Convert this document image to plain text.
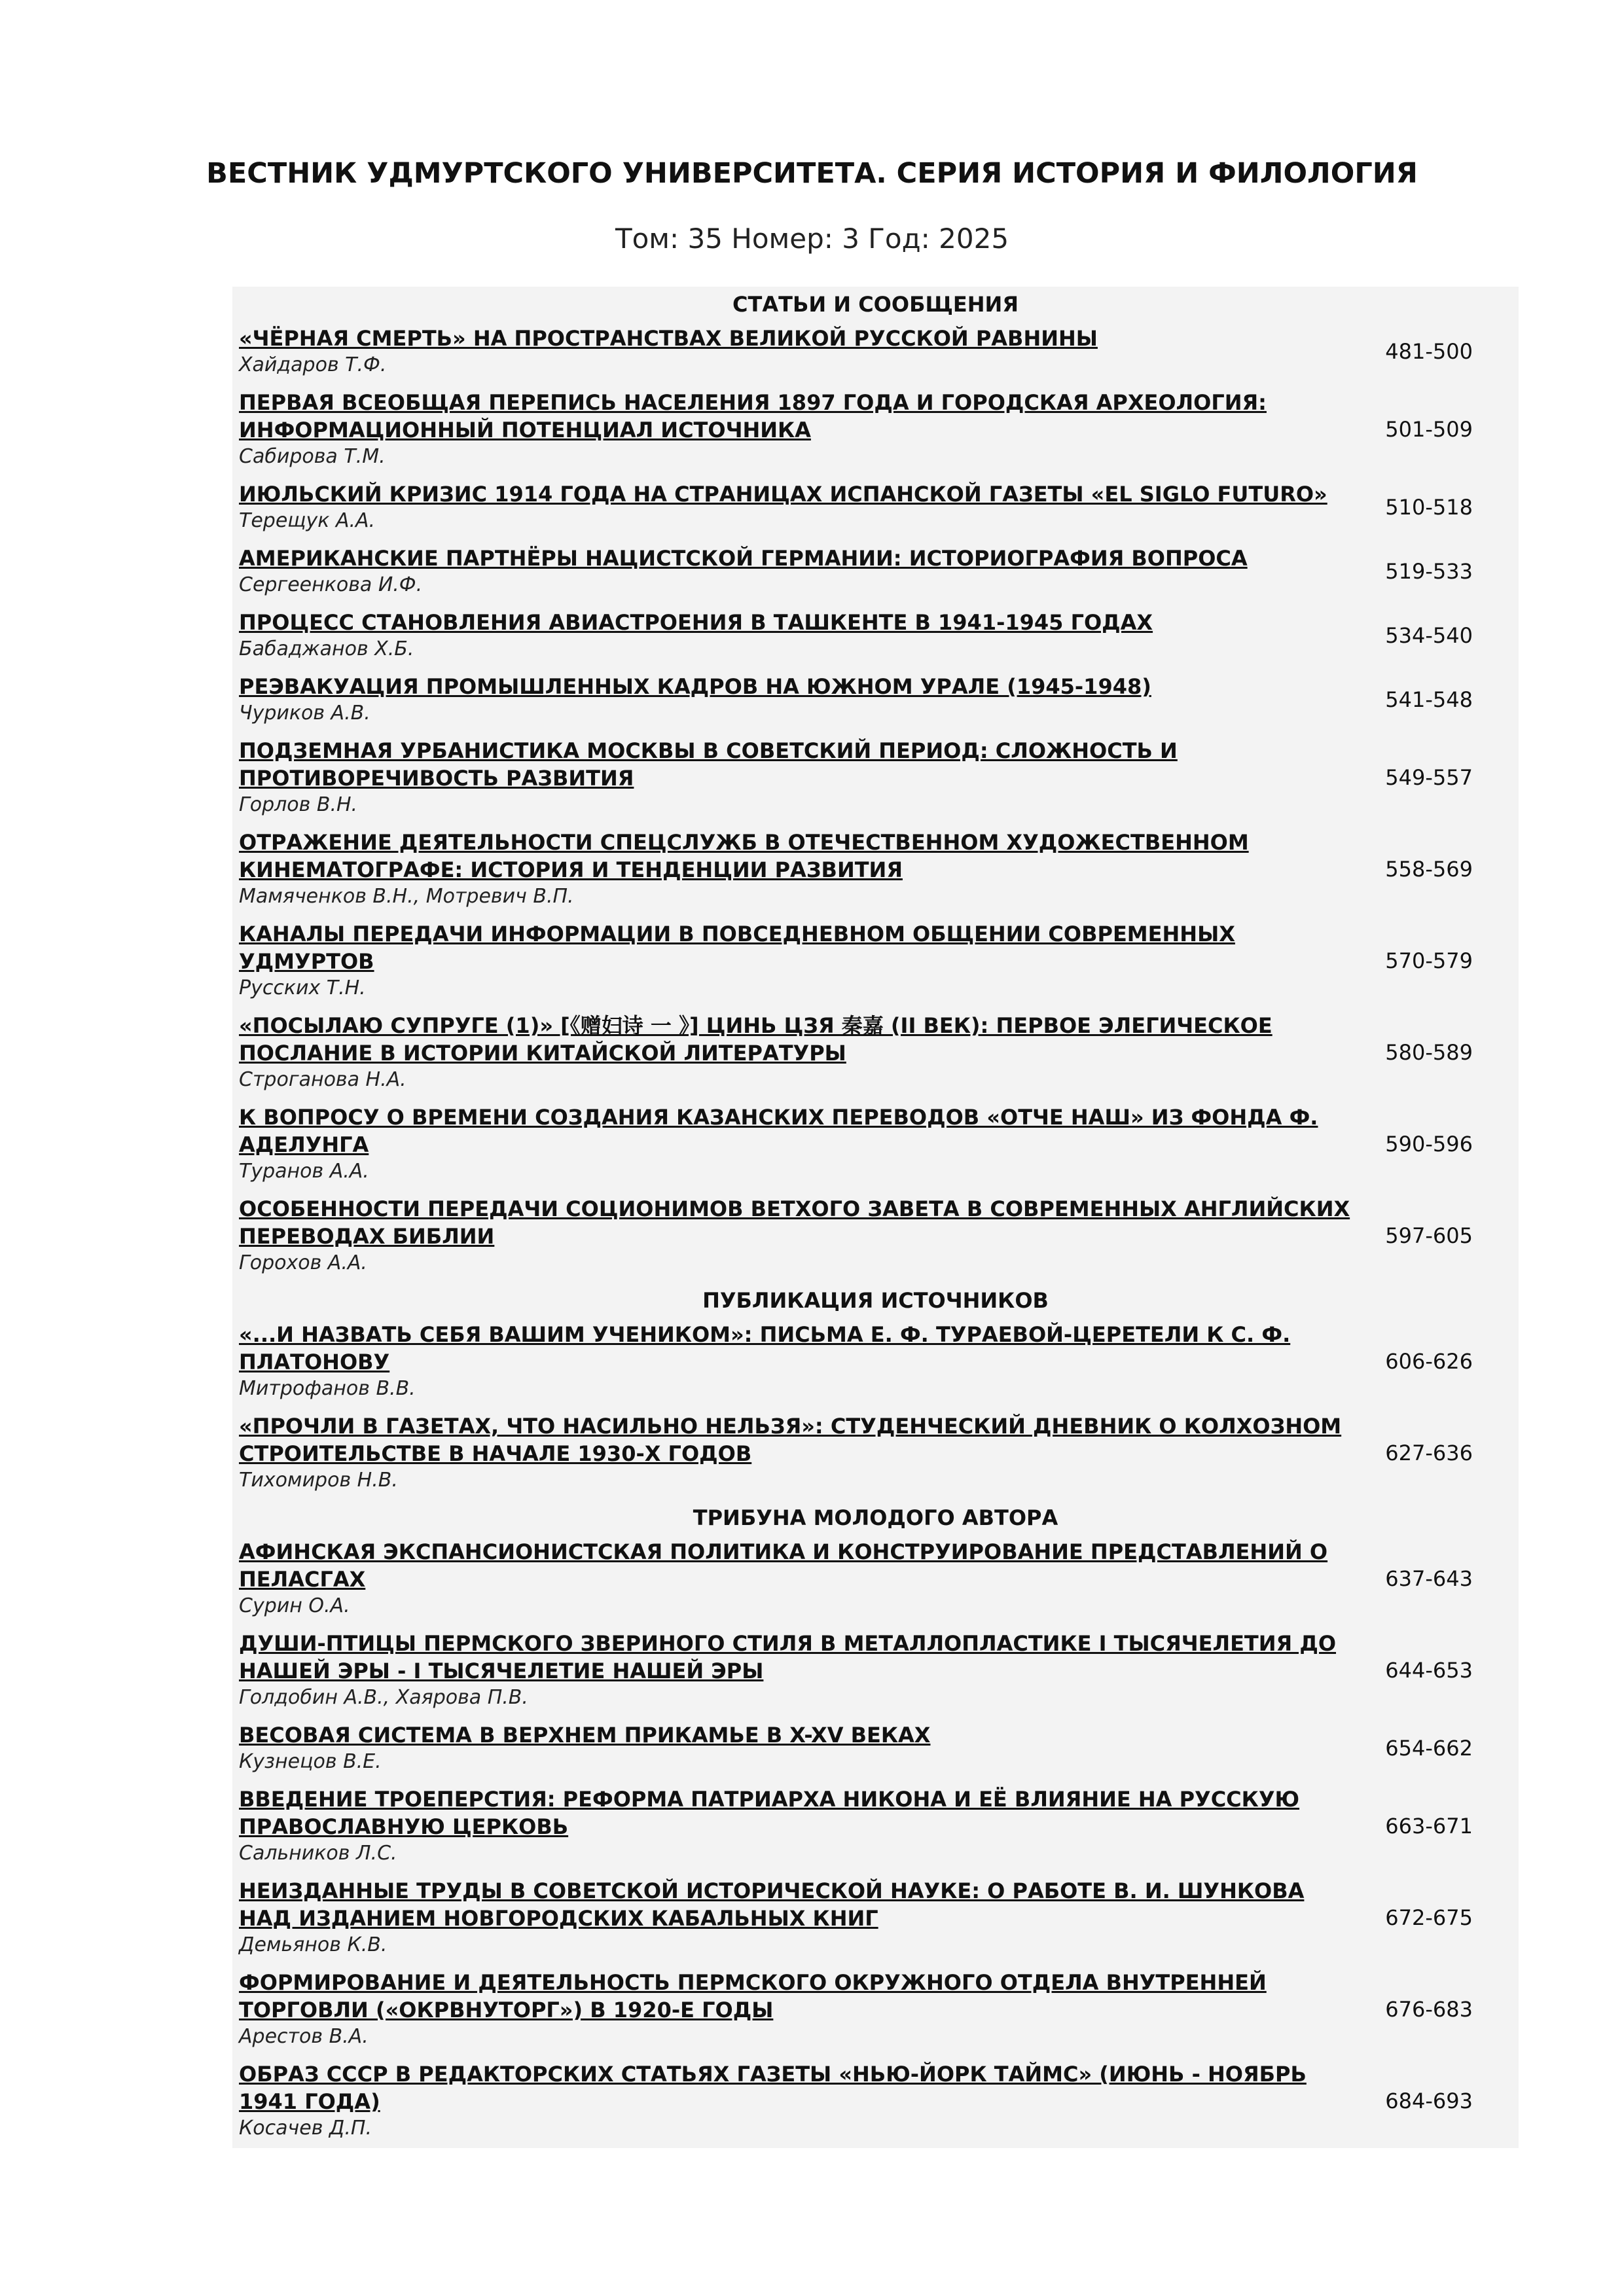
ВЕСТНИК УДМУРТСКОГО УНИВЕРСИТЕТА. СЕРИЯ ИСТОРИЯ И ФИЛОЛОГИЯ
Том: 35 Номер: 3 Год: 2025
СТАТЬИ И СООБЩЕНИЯ
«ЧЁРНАЯ СМЕРТЬ» НА ПРОСТРАНСТВАХ ВЕЛИКОЙ РУССКОЙ РАВНИНЫ
Хайдаров Т.Ф.
481-500
ПЕРВАЯ ВСЕОБЩАЯ ПЕРЕПИСЬ НАСЕЛЕНИЯ 1897 ГОДА И ГОРОДСКАЯ АРХЕОЛОГИЯ: ИНФОРМАЦИОННЫЙ ПОТЕНЦИАЛ ИСТОЧНИКА
Сабирова Т.М.
501-509
ИЮЛЬСКИЙ КРИЗИС 1914 ГОДА НА СТРАНИЦАХ ИСПАНСКОЙ ГАЗЕТЫ «EL SIGLO FUTURO»
Терещук А.А.
510-518
АМЕРИКАНСКИЕ ПАРТНЁРЫ НАЦИСТСКОЙ ГЕРМАНИИ: ИСТОРИОГРАФИЯ ВОПРОСА
Сергеенкова И.Ф.
519-533
ПРОЦЕСС СТАНОВЛЕНИЯ АВИАСТРОЕНИЯ В ТАШКЕНТЕ В 1941-1945 ГОДАХ
Бабаджанов Х.Б.
534-540
РЕЭВАКУАЦИЯ ПРОМЫШЛЕННЫХ КАДРОВ НА ЮЖНОМ УРАЛЕ (1945-1948)
Чуриков А.В.
541-548
ПОДЗЕМНАЯ УРБАНИСТИКА МОСКВЫ В СОВЕТСКИЙ ПЕРИОД: СЛОЖНОСТЬ И ПРОТИВОРЕЧИВОСТЬ РАЗВИТИЯ
Горлов В.Н.
549-557
ОТРАЖЕНИЕ ДЕЯТЕЛЬНОСТИ СПЕЦСЛУЖБ В ОТЕЧЕСТВЕННОМ ХУДОЖЕСТВЕННОМ КИНЕМАТОГРАФЕ: ИСТОРИЯ И ТЕНДЕНЦИИ РАЗВИТИЯ
Мамяченков В.Н., Мотревич В.П.
558-569
КАНАЛЫ ПЕРЕДАЧИ ИНФОРМАЦИИ В ПОВСЕДНЕВНОМ ОБЩЕНИИ СОВРЕМЕННЫХ УДМУРТОВ
Русских Т.Н.
570-579
«ПОСЫЛАЮ СУПРУГЕ (1)» [《赠妇诗 一 》] ЦИНЬ ЦЗЯ 秦嘉 (II ВЕК): ПЕРВОЕ ЭЛЕГИЧЕСКОЕ ПОСЛАНИЕ В ИСТОРИИ КИТАЙСКОЙ ЛИТЕРАТУРЫ
Строганова Н.А.
580-589
К ВОПРОСУ О ВРЕМЕНИ СОЗДАНИЯ КАЗАНСКИХ ПЕРЕВОДОВ «ОТЧЕ НАШ» ИЗ ФОНДА Ф. АДЕЛУНГА
Туранов А.А.
590-596
ОСОБЕННОСТИ ПЕРЕДАЧИ СОЦИОНИМОВ ВЕТХОГО ЗАВЕТА В СОВРЕМЕННЫХ АНГЛИЙСКИХ ПЕРЕВОДАХ БИБЛИИ
Горохов А.А.
597-605
ПУБЛИКАЦИЯ ИСТОЧНИКОВ
«...И НАЗВАТЬ СЕБЯ ВАШИМ УЧЕНИКОМ»: ПИСЬМА Е. Ф. ТУРАЕВОЙ-ЦЕРЕТЕЛИ К С. Ф. ПЛАТОНОВУ
Митрофанов В.В.
606-626
«ПРОЧЛИ В ГАЗЕТАХ, ЧТО НАСИЛЬНО НЕЛЬЗЯ»: СТУДЕНЧЕСКИЙ ДНЕВНИК О КОЛХОЗНОМ СТРОИТЕЛЬСТВЕ В НАЧАЛЕ 1930-Х ГОДОВ
Тихомиров Н.В.
627-636
ТРИБУНА МОЛОДОГО АВТОРА
АФИНСКАЯ ЭКСПАНСИОНИСТСКАЯ ПОЛИТИКА И КОНСТРУИРОВАНИЕ ПРЕДСТАВЛЕНИЙ О ПЕЛАСГАХ
Сурин О.А.
637-643
ДУШИ-ПТИЦЫ ПЕРМСКОГО ЗВЕРИНОГО СТИЛЯ В МЕТАЛЛОПЛАСТИКЕ I ТЫСЯЧЕЛЕТИЯ ДО НАШЕЙ ЭРЫ - I ТЫСЯЧЕЛЕТИЕ НАШЕЙ ЭРЫ
Голдобин А.В., Хаярова П.В.
644-653
ВЕСОВАЯ СИСТЕМА В ВЕРХНЕМ ПРИКАМЬЕ В X-XV ВЕКАХ
Кузнецов В.Е.
654-662
ВВЕДЕНИЕ ТРОЕПЕРСТИЯ: РЕФОРМА ПАТРИАРХА НИКОНА И ЕЁ ВЛИЯНИЕ НА РУССКУЮ ПРАВОСЛАВНУЮ ЦЕРКОВЬ
Сальников Л.С.
663-671
НЕИЗДАННЫЕ ТРУДЫ В СОВЕТСКОЙ ИСТОРИЧЕСКОЙ НАУКЕ: О РАБОТЕ В. И. ШУНКОВА НАД ИЗДАНИЕМ НОВГОРОДСКИХ КАБАЛЬНЫХ КНИГ
Демьянов К.В.
672-675
ФОРМИРОВАНИЕ И ДЕЯТЕЛЬНОСТЬ ПЕРМСКОГО ОКРУЖНОГО ОТДЕЛА ВНУТРЕННЕЙ ТОРГОВЛИ («ОКРВНУТОРГ») В 1920-Е ГОДЫ
Арестов В.А.
676-683
ОБРАЗ СССР В РЕДАКТОРСКИХ СТАТЬЯХ ГАЗЕТЫ «НЬЮ-ЙОРК ТАЙМС» (ИЮНЬ - НОЯБРЬ 1941 ГОДА)
Косачев Д.П.
684-693
